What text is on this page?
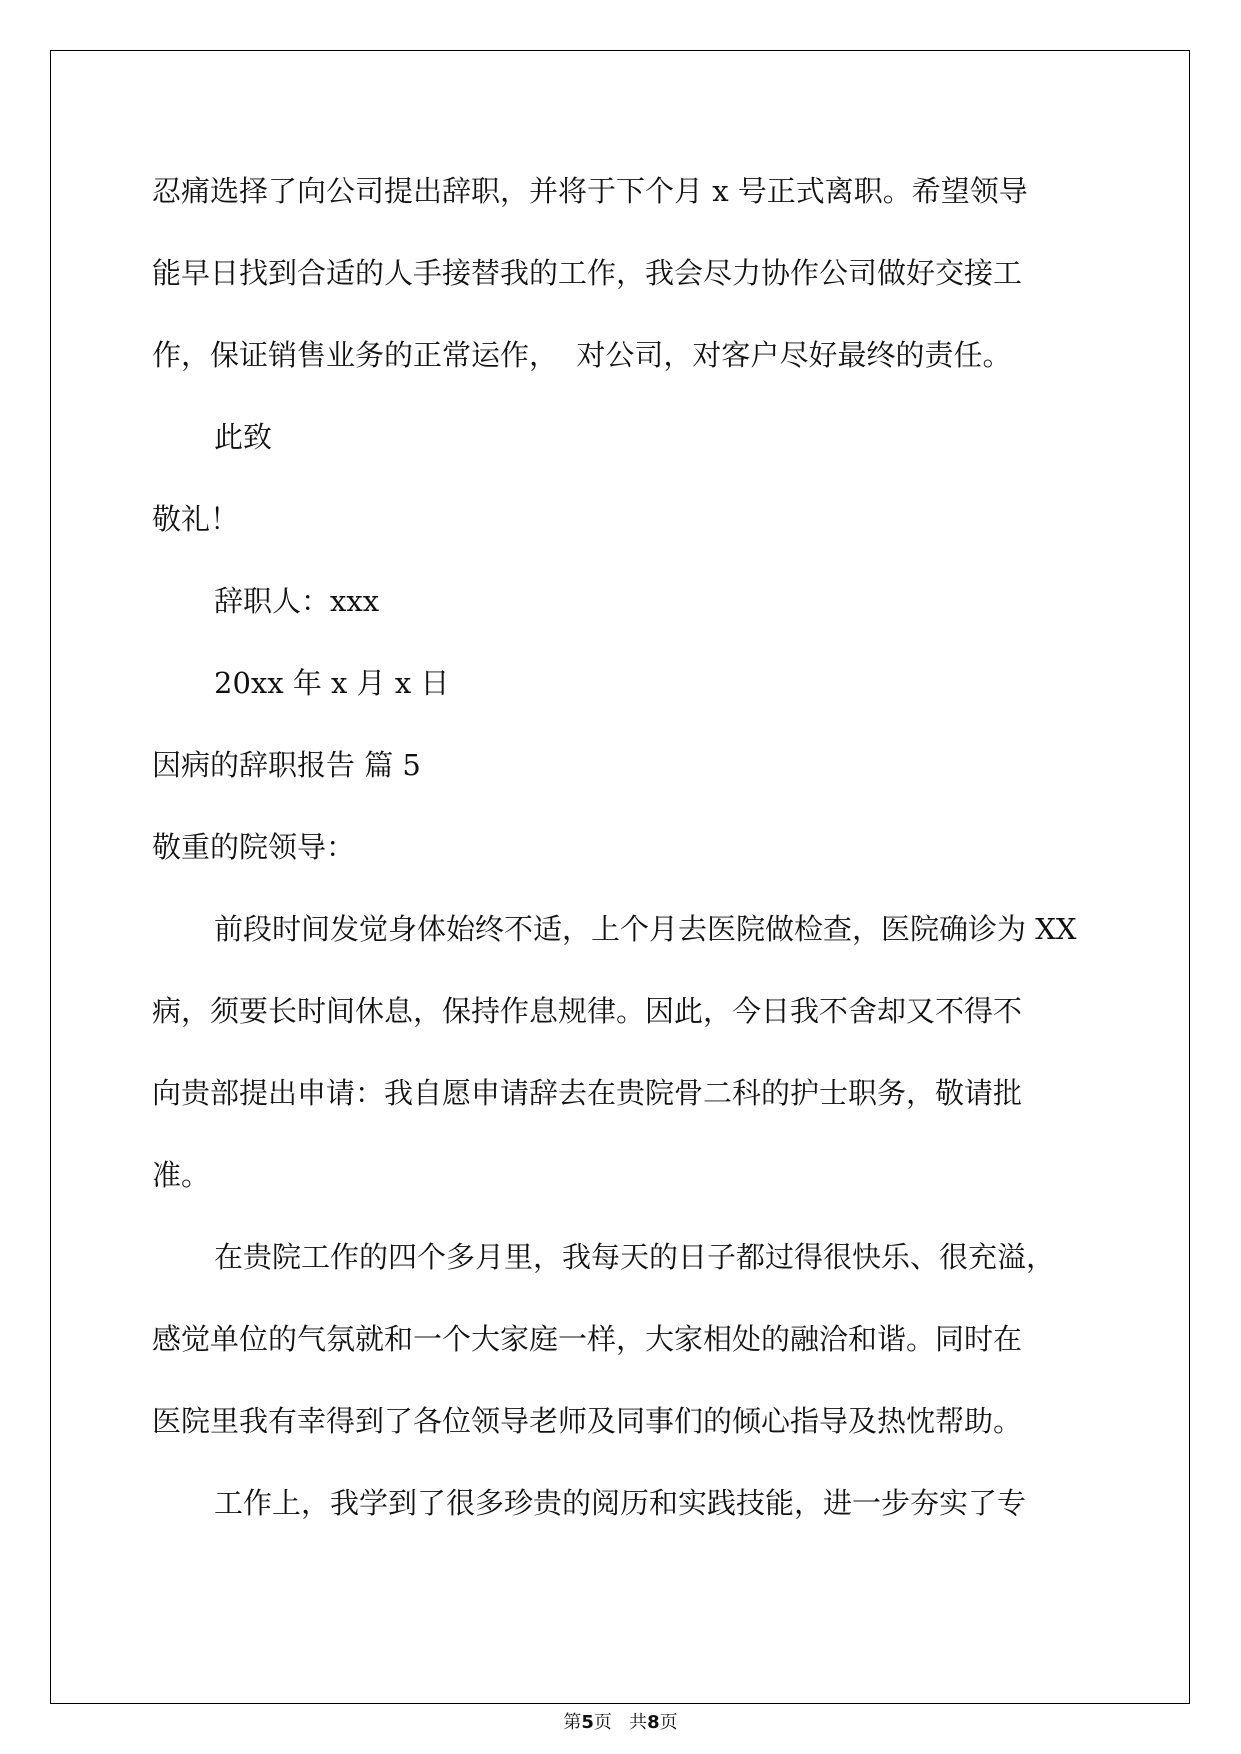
忍痛选择了向公司提出辞职，并将于下个月 x 号正式离职。希望领导
能早日找到合适的人手接替我的工作，我会尽力协作公司做好交接工
作，保证销售业务的正常运作，  对公司，对客户尽好最终的责任。
此致
敬礼！
辞职人：xxx
20xx 年 x 月 x 日
因病的辞职报告 篇 5
敬重的院领导：
前段时间发觉身体始终不适，上个月去医院做检查，医院确诊为 XX
病，须要长时间休息，保持作息规律。因此，今日我不舍却又不得不
向贵部提出申请：我自愿申请辞去在贵院骨二科的护士职务，敬请批
准。
在贵院工作的四个多月里，我每天的日子都过得很快乐、很充溢，
感觉单位的气氛就和一个大家庭一样，大家相处的融洽和谐。同时在
医院里我有幸得到了各位领导老师及同事们的倾心指导及热忱帮助。
工作上，我学到了很多珍贵的阅历和实践技能，进一步夯实了专
第5页 共8页
